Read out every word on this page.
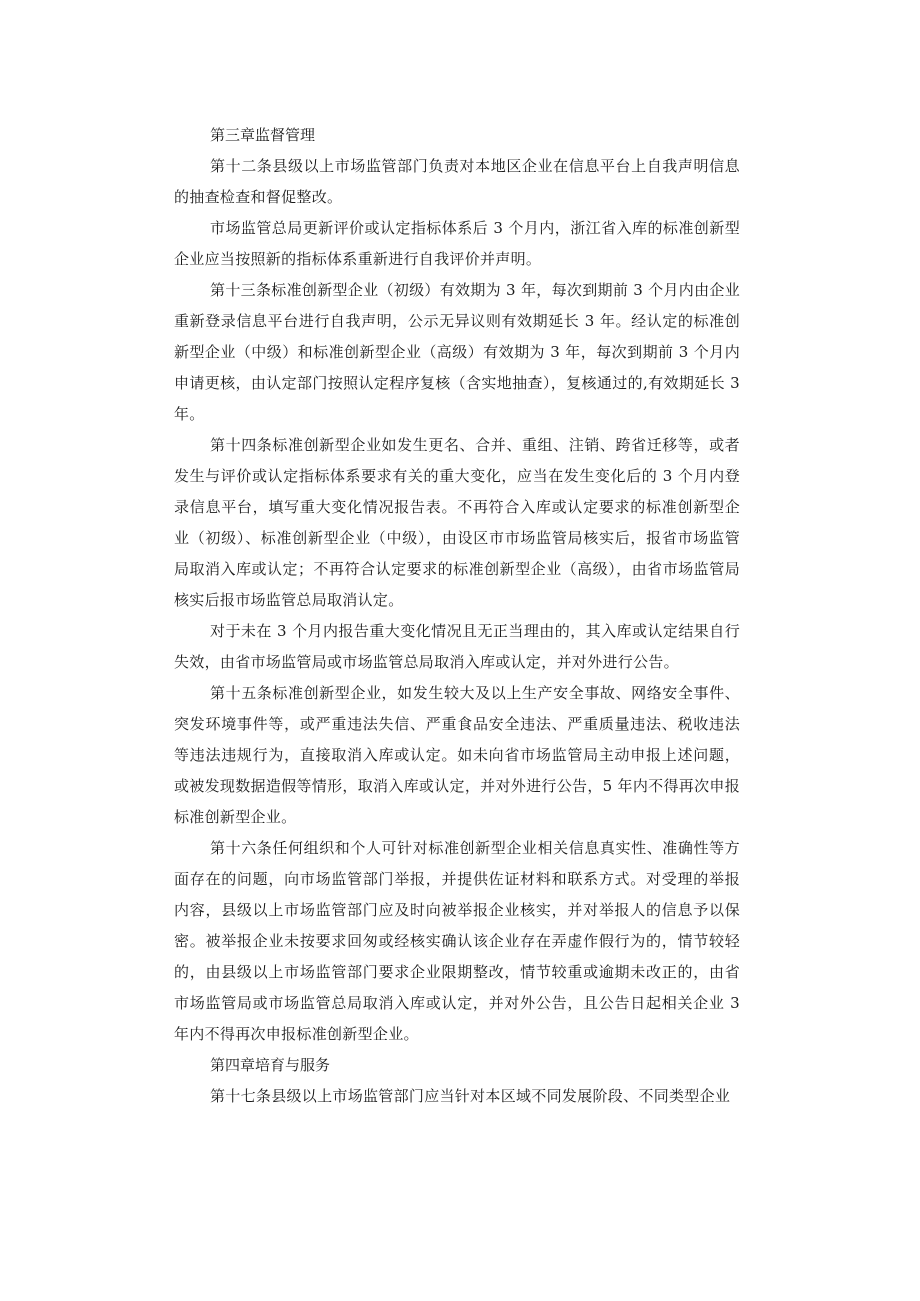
第三章监督管理

第十二条县级以上市场监管部门负责对本地区企业在信息平台上自我声明信息的抽查检查和督促整改。

市场监管总局更新评价或认定指标体系后 3 个月内，浙江省入库的标准创新型企业应当按照新的指标体系重新进行自我评价并声明。

第十三条标准创新型企业（初级）有效期为 3 年，每次到期前 3 个月内由企业重新登录信息平台进行自我声明，公示无异议则有效期延长 3 年。经认定的标准创新型企业（中级）和标准创新型企业（高级）有效期为 3 年，每次到期前 3 个月内申请更核，由认定部门按照认定程序复核（含实地抽查），复核通过的,有效期延长 3 年。

第十四条标准创新型企业如发生更名、合并、重组、注销、跨省迁移等，或者发生与评价或认定指标体系要求有关的重大变化，应当在发生变化后的 3 个月内登录信息平台，填写重大变化情况报告表。不再符合入库或认定要求的标准创新型企业（初级）、标准创新型企业（中级），由设区市市场监管局核实后，报省市场监管局取消入库或认定；不再符合认定要求的标准创新型企业（高级），由省市场监管局核实后报市场监管总局取消认定。

对于未在 3 个月内报告重大变化情况且无正当理由的，其入库或认定结果自行失效，由省市场监管局或市场监管总局取消入库或认定，并对外进行公告。

第十五条标准创新型企业，如发生较大及以上生产安全事故、网络安全事件、突发环境事件等，或严重违法失信、严重食品安全违法、严重质量违法、税收违法等违法违规行为，直接取消入库或认定。如未向省市场监管局主动申报上述问题，或被发现数据造假等情形，取消入库或认定，并对外进行公告，5 年内不得再次申报标准创新型企业。

第十六条任何组织和个人可针对标准创新型企业相关信息真实性、准确性等方面存在的问题，向市场监管部门举报，并提供佐证材料和联系方式。对受理的举报内容，县级以上市场监管部门应及时向被举报企业核实，并对举报人的信息予以保密。被举报企业未按要求回匆或经核实确认该企业存在弄虚作假行为的，情节较轻的，由县级以上市场监管部门要求企业限期整改，情节较重或逾期未改正的，由省市场监管局或市场监管总局取消入库或认定，并对外公告，且公告日起相关企业 3 年内不得再次申报标准创新型企业。

第四章培育与服务

第十七条县级以上市场监管部门应当针对本区域不同发展阶段、不同类型企业
